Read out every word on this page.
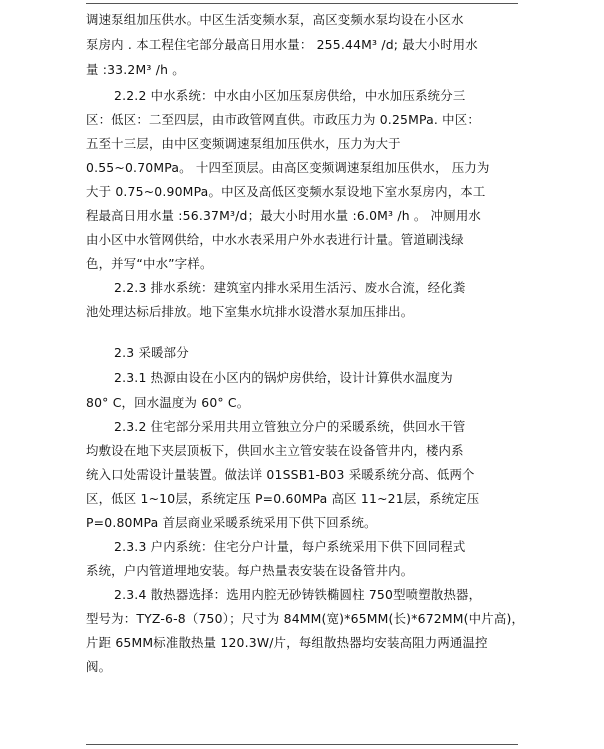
调速泵组加压供水。中区生活变频水泵，高区变频水泵均设在小区水
泵房内 . 本工程住宅部分最高日用水量： 255.44M³ /d; 最大小时用水
量 :33.2M³ /h 。
2.2.2 中水系统：中水由小区加压泵房供给，中水加压系统分三
区：低区：二至四层，由市政管网直供。市政压力为 0.25MPa. 中区：
五至十三层，由中区变频调速泵组加压供水，压力为大于
0.55~0.70MPa。 十四至顶层。由高区变频调速泵组加压供水， 压力为
大于 0.75~0.90MPa。中区及高低区变频水泵设地下室水泵房内，本工
程最高日用水量 :56.37M³/d；最大小时用水量 :6.0M³ /h 。 冲厕用水
由小区中水管网供给，中水水表采用户外水表进行计量。管道刷浅绿
色，并写“中水”字样。
2.2.3 排水系统：建筑室内排水采用生活污、废水合流，经化粪
池处理达标后排放。地下室集水坑排水设潜水泵加压排出。
2.3 采暖部分
2.3.1 热源由设在小区内的锅炉房供给，设计计算供水温度为
80° C，回水温度为 60° C。
2.3.2 住宅部分采用共用立管独立分户的采暖系统，供回水干管
均敷设在地下夹层顶板下，供回水主立管安装在设备管井内，楼内系
统入口处需设计量装置。做法详 01SSB1-B03 采暖系统分高、低两个
区，低区 1~10层，系统定压 P=0.60MPa 高区 11~21层，系统定压
P=0.80MPa 首层商业采暖系统采用下供下回系统。
2.3.3 户内系统：住宅分户计量，每户系统采用下供下回同程式
系统，户内管道埋地安装。每户热量表安装在设备管井内。
2.3.4 散热器选择：选用内腔无砂铸铁椭圆柱 750型喷塑散热器，
型号为：TYZ-6-8（750）；尺寸为 84MM(宽)*65MM(长)*672MM(中片高)，
片距 65MM标准散热量 120.3W/片，每组散热器均安装高阻力两通温控
阀。
